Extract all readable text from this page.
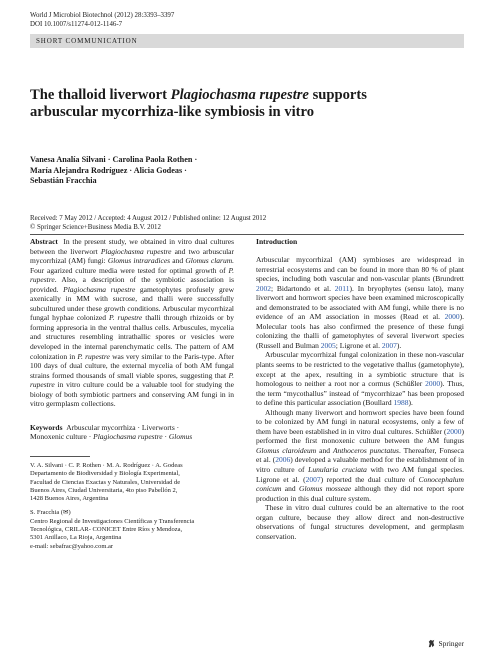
World J Microbiol Biotechnol (2012) 28:3393–3397
DOI 10.1007/s11274-012-1146-7
SHORT COMMUNICATION
The thalloid liverwort Plagiochasma rupestre supports arbuscular mycorrhiza-like symbiosis in vitro
Vanesa Analía Silvani · Carolina Paola Rothen ·
María Alejandra Rodríguez · Alicia Godeas ·
Sebastián Fracchia
Received: 7 May 2012 / Accepted: 4 August 2012 / Published online: 12 August 2012
© Springer Science+Business Media B.V. 2012

Abstract In the present study, we obtained in vitro dual cultures between the liverwort Plagiochasma rupestre and two arbuscular mycorrhizal (AM) fungi: Glomus intraradices and Glomus clarum. Four agarized culture media were tested for optimal growth of P. rupestre. Also, a description of the symbiotic association is provided. Plagiochasma rupestre gametophytes profusely grew axenically in MM with sucrose, and thalli were successfully subcultured under these growth conditions. Arbuscular mycorrhizal fungal hyphae colonized P. rupestre thalli through rhizoids or by forming appresoria in the ventral thallus cells. Arbuscules, mycelia and structures resembling intrathallic spores or vesicles were developed in the internal parenchymatic cells. The pattern of AM colonization in P. rupestre was very similar to the Paris-type. After 100 days of dual culture, the external mycelia of both AM fungal strains formed thousands of small viable spores, suggesting that P. rupestre in vitro culture could be a valuable tool for studying the biology of both symbiotic partners and conserving AM fungi in in vitro germplasm collections.

Keywords Arbuscular mycorrhiza · Liverworts ·
Monoxenic culture · Plagiochasma rupestre · Glomus

V. A. Silvani · C. P. Rothen · M. A. Rodríguez · A. Godeas
Departamento de Biodiversidad y Biología Experimental,
Facultad de Ciencias Exactas y Naturales, Universidad de
Buenos Aires, Ciudad Universitaria, 4to piso Pabellón 2,
1428 Buenos Aires, Argentina

S. Fracchia (✉)
Centro Regional de Investigaciones Científicas y Transferencia
Tecnológica, CRILAR- CONICET Entre Ríos y Mendoza,
5301 Anillaco, La Rioja, Argentina
e-mail: sebafrac@yahoo.com.ar

Introduction

Arbuscular mycorrhizal (AM) symbioses are widespread in terrestrial ecosystems and can be found in more than 80 % of plant species, including both vascular and non-vascular plants (Brundrett 2002; Bidartondo et al. 2011). In bryophytes (sensu lato), many liverwort and hornwort species have been examined microscopically and demonstrated to be associated with AM fungi, while there is no evidence of an AM association in mosses (Read et al. 2000). Molecular tools has also confirmed the presence of these fungi colonizing the thalli of gametophytes of several liverwort species (Russell and Bulman 2005; Ligrone et al. 2007).

Arbuscular mycorrhizal fungal colonization in these non-vascular plants seems to be restricted to the vegetative thallus (gametophyte), except at the apex, resulting in a symbiotic structure that is homologous to neither a root nor a cormus (Schüßler 2000). Thus, the term “mycothallus” instead of “mycorrhizae” has been proposed to define this particular association (Boullard 1988).

Although many liverwort and hornwort species have been found to be colonized by AM fungi in natural ecosystems, only a few of them have been established in in vitro dual cultures. Schüßler (2000) performed the first monoxenic culture between the AM fungus Glomus claroideum and Anthoceros punctatus. Thereafter, Fonseca et al. (2006) developed a valuable method for the establishment of in vitro culture of Lunularia cruciata with two AM fungal species. Ligrone et al. (2007) reported the dual culture of Conocephalum conicum and Glomus mosseae although they did not report spore production in this dual culture system.

These in vitro dual cultures could be an alternative to the root organ culture, because they allow direct and non-destructive observations of fungal structures development, and germplasm conservation.

Springer
